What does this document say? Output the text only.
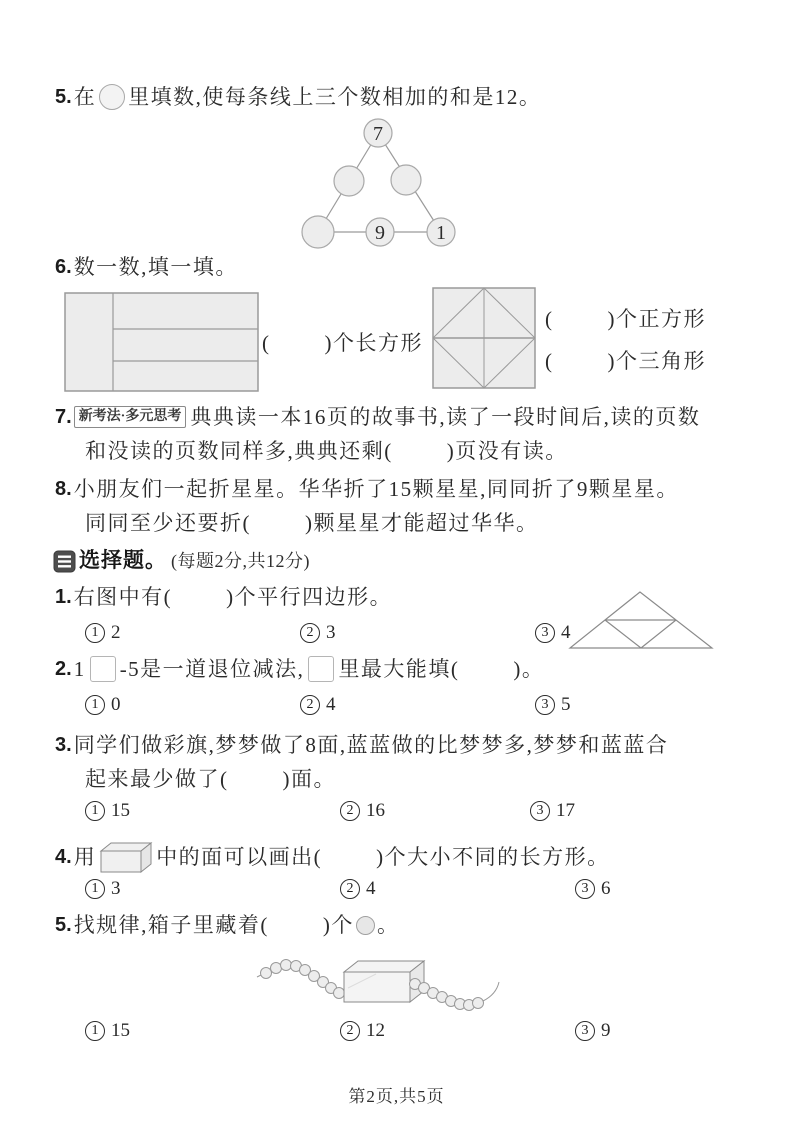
5. 在 里填数,使每条线上三个数相加的和是12。
7
9	1
6. 数一数,填一填。
(        )个长方形
(        )个正方形
(        )个三角形
7. 新考法·多元思考 典典读一本16页的故事书,读了一段时间后,读的页数
和没读的页数同样多,典典还剩(        )页没有读。
8. 小朋友们一起折星星。华华折了15颗星星,同同折了9颗星星。
同同至少还要折(        )颗星星才能超过华华。
选择题。 (每题2分,共12分)
1. 右图中有(        )个平行四边形。
1 2	2 3	3 4
2. 1 -5是一道退位减法, 里最大能填(        )。
1 0	2 4	3 5
3. 同学们做彩旗,梦梦做了8面,蓝蓝做的比梦梦多,梦梦和蓝蓝合
起来最少做了(        )面。
1 15	2 16	3 17
4. 用	中的面可以画出(        )个大小不同的长方形。
1 3	2 4	3 6
5. 找规律,箱子里藏着(        )个 。
1 15	2 12	3 9
第2页,共5页
